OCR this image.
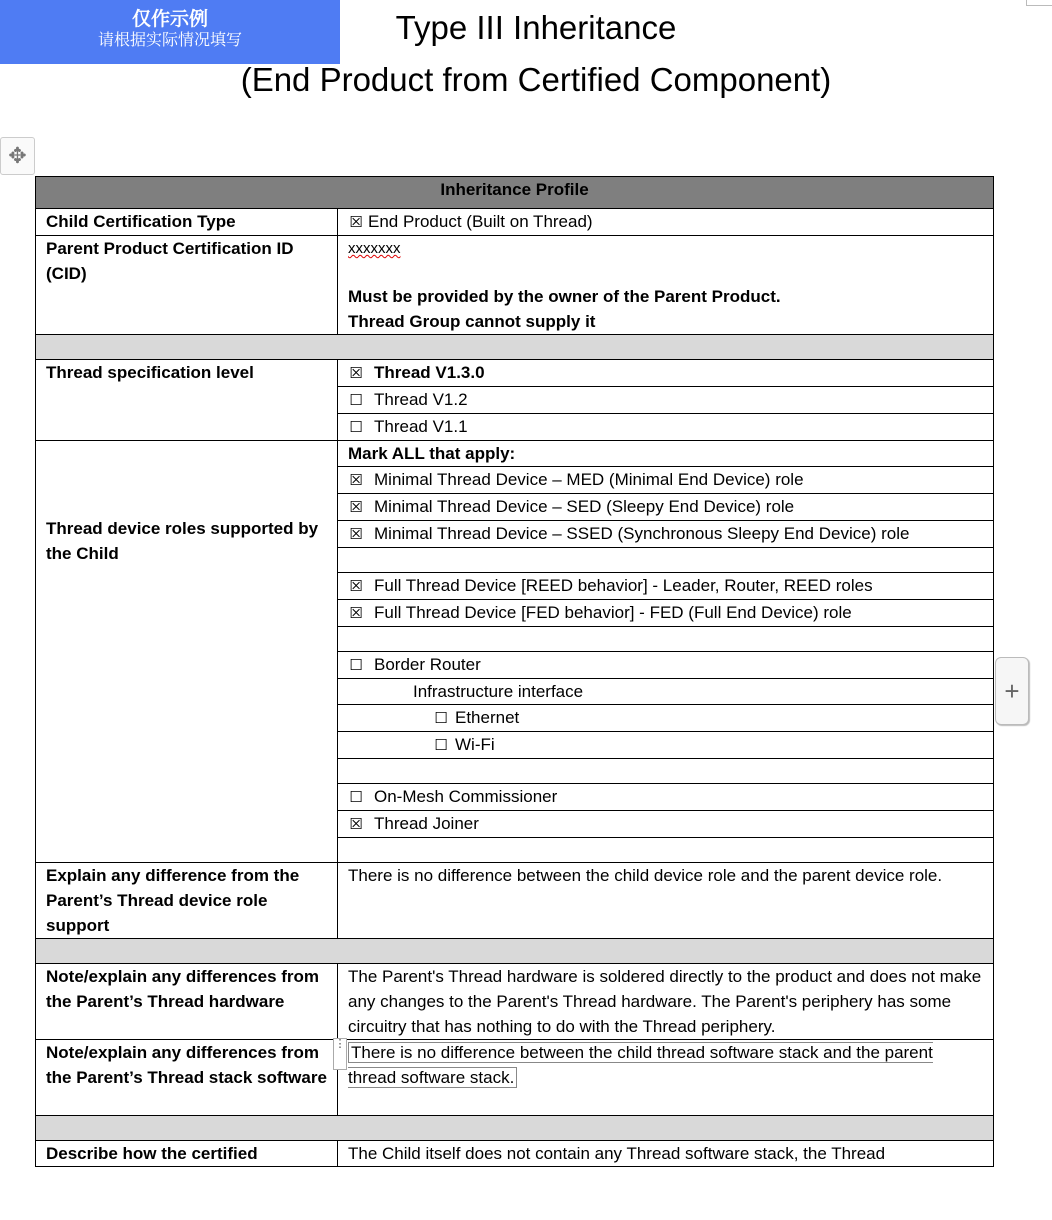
仅作示例
请根据实际情况填写	Type III Inheritance
(End Product from Certified Component)
✥
+
Inheritance Profile	
Child Certification Type	☒ End Product (Built on Thread)
Parent Product Certification ID (CID)	xxxxxxx
Must be provided by the owner of the Parent Product.
Thread Group cannot supply it

Thread specification level	☒ Thread V1.3.0
	☐ Thread V1.2
	☐ Thread V1.1
Thread device roles supported by the Child	Mark ALL that apply:
	☒ Minimal Thread Device – MED (Minimal End Device) role
	☒ Minimal Thread Device – SED (Sleepy End Device) role
	☒ Minimal Thread Device – SSED (Synchronous Sleepy End Device) role

	☒ Full Thread Device [REED behavior] - Leader, Router, REED roles
	☒ Full Thread Device [FED behavior] - FED (Full End Device) role

	☐ Border Router
	Infrastructure interface
	☐ Ethernet
	☐ Wi-Fi

	☐ On-Mesh Commissioner
	☒ Thread Joiner

Explain any difference from the Parent’s Thread device role support	There is no difference between the child device role and the parent device role.

Note/explain any differences from the Parent’s Thread hardware	The Parent's Thread hardware is soldered directly to the product and does not make any changes to the Parent's Thread hardware. The Parent's periphery has some circuitry that has nothing to do with the Thread periphery.
Note/explain any differences from the Parent’s Thread stack software	⋮ There is no difference between the child thread software stack and the parent thread software stack.

Describe how the certified	The Child itself does not contain any Thread software stack, the Thread
